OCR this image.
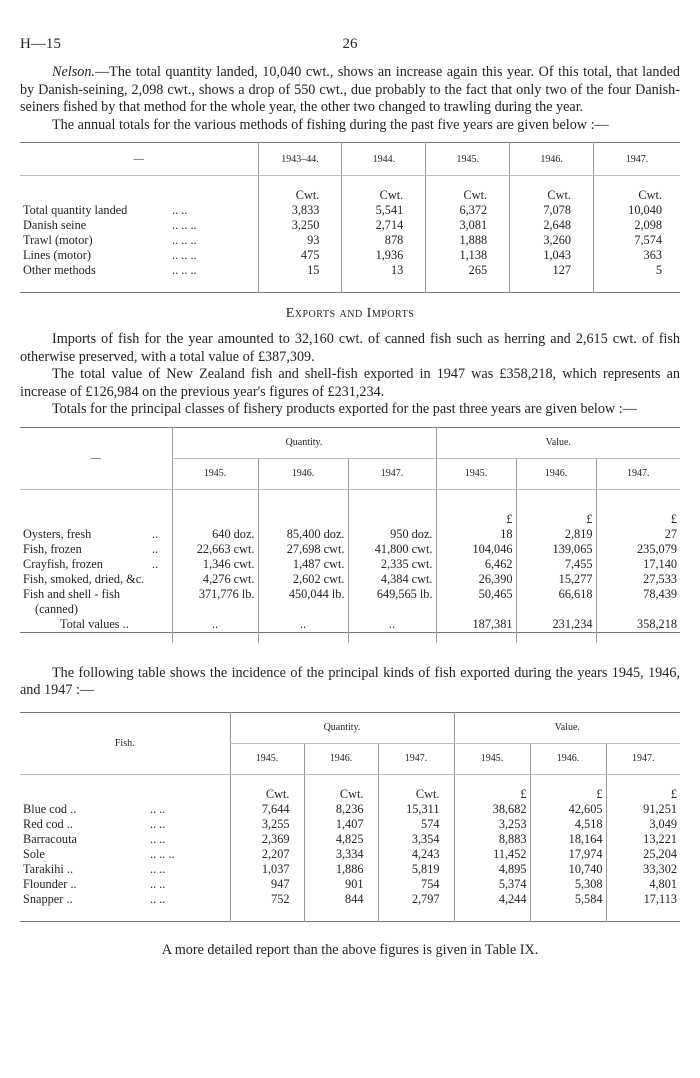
H—15	26

Nelson.—The total quantity landed, 10,040 cwt., shows an increase again this year. Of this total, that landed by Danish-seining, 2,098 cwt., shows a drop of 550 cwt., due probably to the fact that only two of the four Danish-seiners fished by that method for the whole year, the other two changed to trawling during the year.

The annual totals for the various methods of fishing during the past five years are given below :—

—	1943–44.	1944.	1945.	1946.	1947.

	Cwt.	Cwt.	Cwt.	Cwt.	Cwt.
Total quantity landed .. ..	3,833	5,541	6,372	7,078	10,040
Danish seine .. .. ..	3,250	2,714	3,081	2,648	2,098
Trawl (motor) .. .. ..	93	878	1,888	3,260	7,574
Lines (motor) .. .. ..	475	1,936	1,138	1,043	363
Other methods .. .. ..	15	13	265	127	5

Exports and Imports

Imports of fish for the year amounted to 32,160 cwt. of canned fish such as herring and 2,615 cwt. of fish otherwise preserved, with a total value of £387,309.

The total value of New Zealand fish and shell-fish exported in 1947 was £358,218, which represents an increase of £126,984 on the previous year's figures of £231,234.

Totals for the principal classes of fishery products exported for the past three years are given below :—

—	Quantity.			Value.		
	1945.	1946.	1947.	1945.	1946.	1947.

				£	£	£
Oysters, fresh ..	640 doz.	85,400 doz.	950 doz.	18	2,819	27
Fish, frozen ..	22,663 cwt.	27,698 cwt.	41,800 cwt.	104,046	139,065	235,079
Crayfish, frozen ..	1,346 cwt.	1,487 cwt.	2,335 cwt.	6,462	7,455	17,140
Fish, smoked, dried, &c.	4,276 cwt.	2,602 cwt.	4,384 cwt.	26,390	15,277	27,533
Fish and shell - fish

(canned)	371,776 lb.	450,044 lb.	649,565 lb.	50,465	66,618	78,439
Total values ..	..	..	..	187,381	231,234	358,218

The following table shows the incidence of the principal kinds of fish exported during the years 1945, 1946, and 1947 :—

Fish.	Quantity.			Value.		
	1945.	1946.	1947.	1945.	1946.	1947.

	Cwt.	Cwt.	Cwt.	£	£	£
Blue cod .. .. ..	7,644	8,236	15,311	38,682	42,605	91,251
Red cod .. .. ..	3,255	1,407	574	3,253	4,518	3,049
Barracouta .. ..	2,369	4,825	3,354	8,883	18,164	13,221
Sole .. .. ..	2,207	3,334	4,243	11,452	17,974	25,204
Tarakihi .. .. ..	1,037	1,886	5,819	4,895	10,740	33,302
Flounder .. .. ..	947	901	754	5,374	5,308	4,801
Snapper .. .. ..	752	844	2,797	4,244	5,584	17,113

A more detailed report than the above figures is given in Table IX.
